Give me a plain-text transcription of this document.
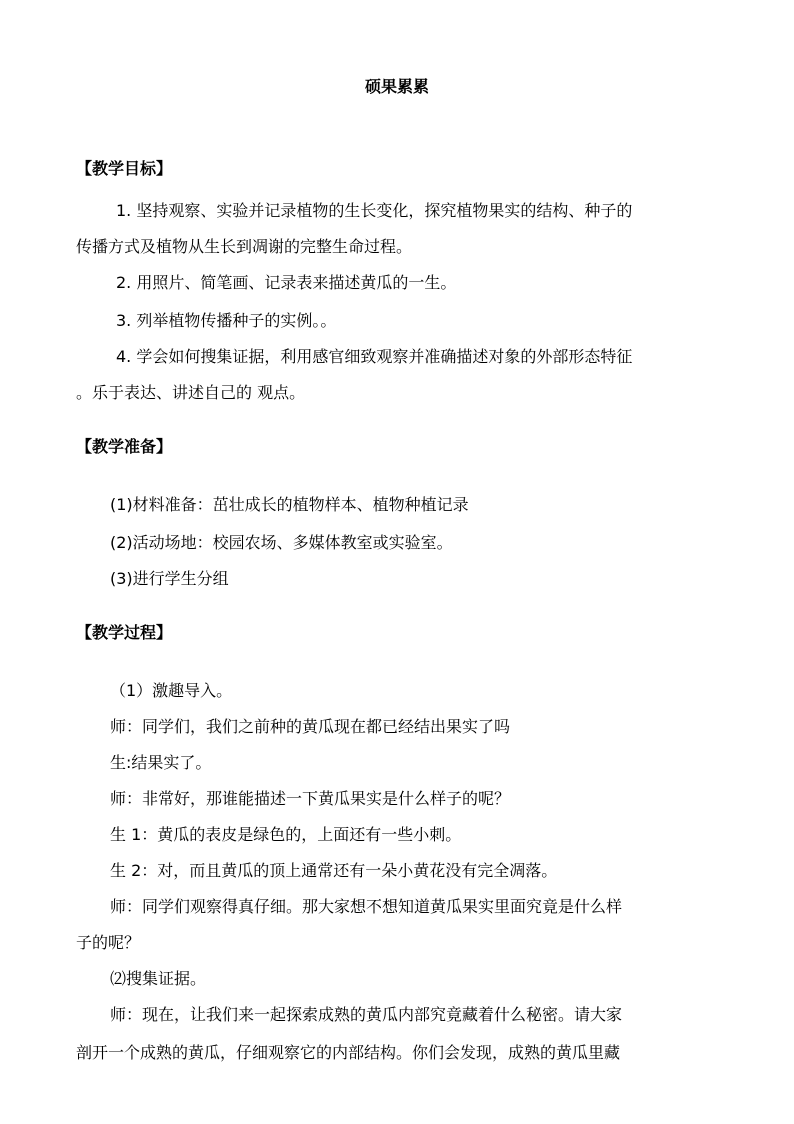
硕果累累
【教学目标】
1. 坚持观察、实验并记录植物的生长变化，探究植物果实的结构、种子的
传播方式及植物从生长到凋谢的完整生命过程。
2. 用照片、简笔画、记录表来描述黄瓜的一生。
3. 列举植物传播种子的实例。。
4. 学会如何搜集证据，利用感官细致观察并准确描述对象的外部形态特征
。乐于表达、讲述自己的 观点。
【教学准备】
(1)材料准备：茁壮成长的植物样本、植物种植记录
(2)活动场地：校园农场、多媒体教室或实验室。
(3)进行学生分组
【教学过程】
（1）激趣导入。
师：同学们，我们之前种的黄瓜现在都已经结出果实了吗
生:结果实了。
师：非常好，那谁能描述一下黄瓜果实是什么样子的呢？
生 1：黄瓜的表皮是绿色的，上面还有一些小刺。
生 2：对，而且黄瓜的顶上通常还有一朵小黄花没有完全凋落。
师：同学们观察得真仔细。那大家想不想知道黄瓜果实里面究竟是什么样
子的呢？
⑵搜集证据。
师：现在，让我们来一起探索成熟的黄瓜内部究竟藏着什么秘密。请大家
剖开一个成熟的黄瓜，仔细观察它的内部结构。你们会发现，成熟的黄瓜里藏
